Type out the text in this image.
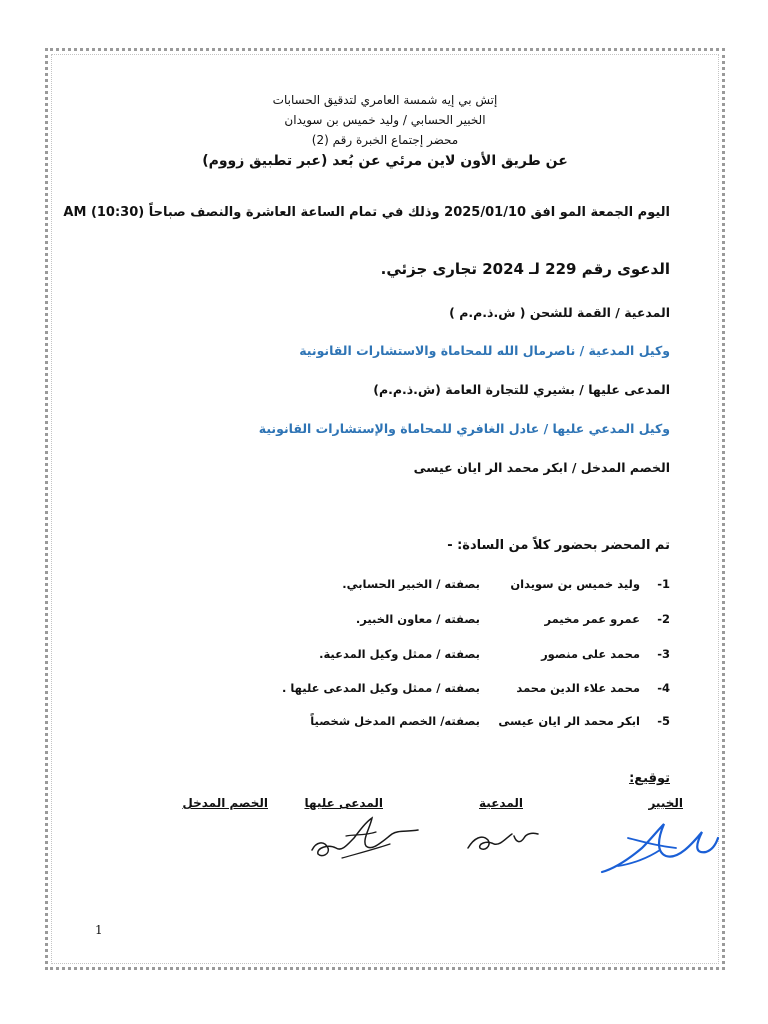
إتش بي إيه شمسة العامري لتدقيق الحسابات
الخبير الحسابي / وليد خميس بن سويدان
محضر إجتماع الخبرة رقم (2)
عن طريق الأون لاين مرئي عن بُعد (عبر تطبيق زووم)
اليوم الجمعة المو افق 2025/01/10 وذلك في تمام الساعة العاشرة والنصف صباحاً (10:30) AM
الدعوى رقم 229 لـ 2024 تجارى جزئي.
المدعية / القمة للشحن ( ش.ذ.م.م )
وكيل المدعية / ناصرمال الله للمحاماة والاستشارات القانونية
المدعى عليها / بشيري للتجارة العامة (ش.ذ.م.م)
وكيل المدعي عليها / عادل الغافري للمحاماة والإستشارات القانونية
الخصم المدخل / ابكر محمد الر ايان عيسى
تم المحضر بحضور كلاً من السادة: -
1-
وليد خميس بن سويدان
بصفته / الخبير الحسابي.
2-
عمرو عمر مخيمر
بصفته / معاون الخبير.
3-
محمد على منصور
بصفته / ممثل وكيل المدعية.
4-
محمد علاء الدين محمد
بصفته / ممثل وكيل المدعى عليها .
5-
ابكر محمد الر ايان عيسى
بصفته/ الخصم المدخل شخصياً
توقيع:
الخبير
المدعية
المدعى عليها
الخصم المدخل
1
